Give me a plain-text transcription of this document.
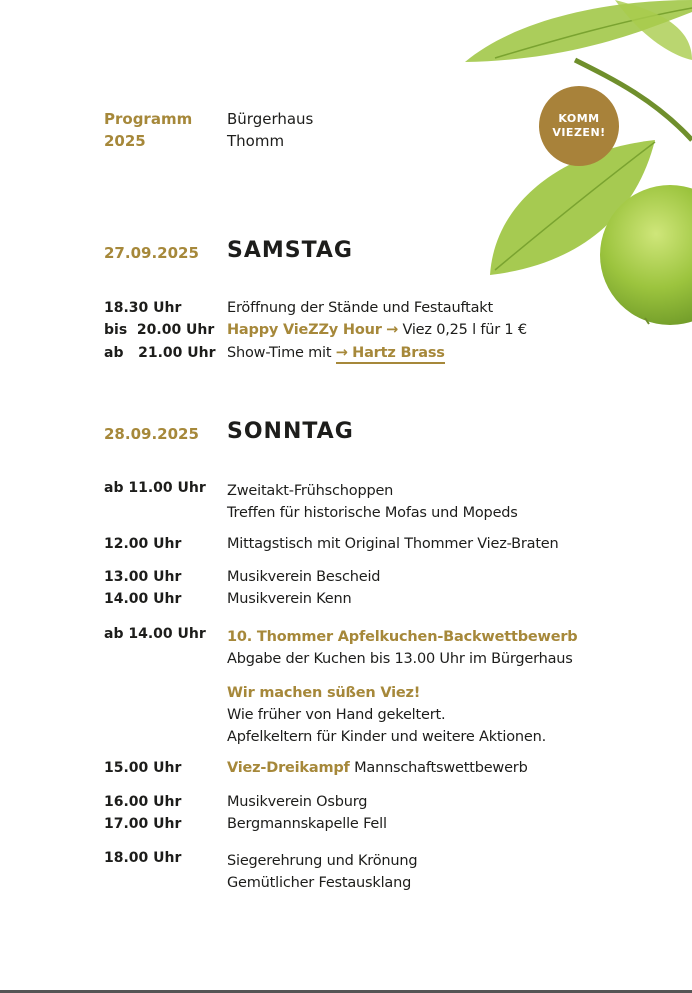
Programm
2025
Bürgerhaus
Thomm
KOMM
VIEZEN!
27.09.2025 SAMSTAG
18.30 Uhr	Eröffnung der Stände und Festauftakt
bis  20.00 Uhr Happy VieZZy Hour → Viez 0,25 l für 1 €
ab   21.00 Uhr Show-Time mit → Hartz Brass
28.09.2025 SONNTAG
ab 11.00 Uhr Zweitakt-Frühschoppen
Treffen für historische Mofas und Mopeds
12.00 Uhr	Mittagstisch mit Original Thommer Viez-Braten
13.00 Uhr	Musikverein Bescheid
14.00 Uhr	Musikverein Kenn
ab 14.00 Uhr 10. Thommer Apfelkuchen-Backwettbewerb
Abgabe der Kuchen bis 13.00 Uhr im Bürgerhaus
Wir machen süßen Viez!
Wie früher von Hand gekeltert.
Apfelkeltern für Kinder und weitere Aktionen.
15.00 Uhr	Viez-Dreikampf Mannschaftswettbewerb
16.00 Uhr	Musikverein Osburg
17.00 Uhr	Bergmannskapelle Fell
18.00 Uhr	Siegerehrung und Krönung
Gemütlicher Festausklang
